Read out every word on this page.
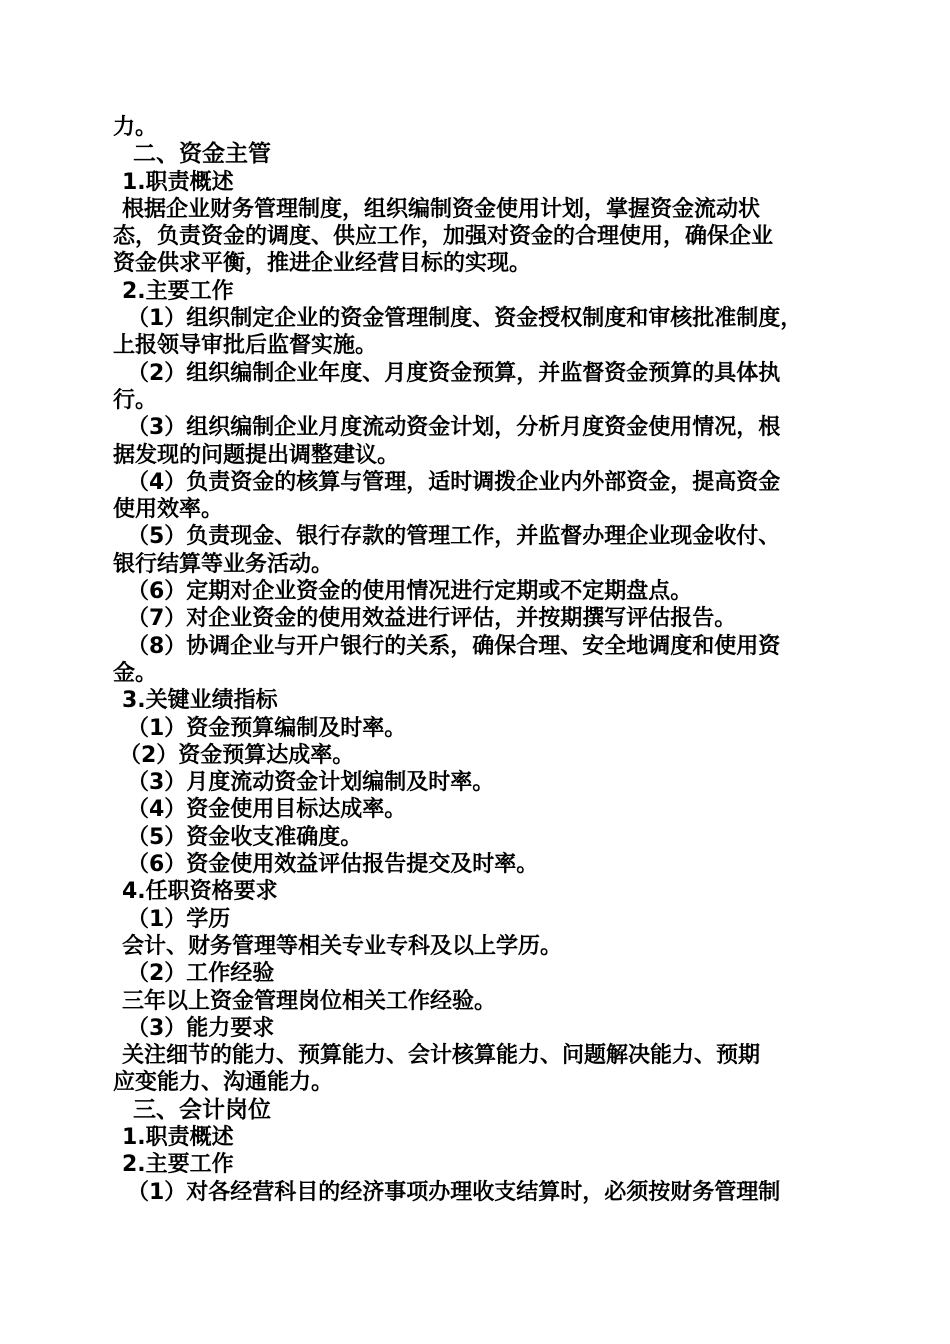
力。
二、资金主管
1.职责概述
根据企业财务管理制度，组织编制资金使用计划，掌握资金流动状
态，负责资金的调度、供应工作，加强对资金的合理使用，确保企业
资金供求平衡，推进企业经营目标的实现。
2.主要工作
（1）组织制定企业的资金管理制度、资金授权制度和审核批准制度，
上报领导审批后监督实施。
（2）组织编制企业年度、月度资金预算，并监督资金预算的具体执
行。
（3）组织编制企业月度流动资金计划，分析月度资金使用情况，根
据发现的问题提出调整建议。
（4）负责资金的核算与管理，适时调拨企业内外部资金，提高资金
使用效率。
（5）负责现金、银行存款的管理工作，并监督办理企业现金收付、
银行结算等业务活动。
（6）定期对企业资金的使用情况进行定期或不定期盘点。
（7）对企业资金的使用效益进行评估，并按期撰写评估报告。
（8）协调企业与开户银行的关系，确保合理、安全地调度和使用资
金。
3.关键业绩指标
（1）资金预算编制及时率。
（2）资金预算达成率。
（3）月度流动资金计划编制及时率。
（4）资金使用目标达成率。
（5）资金收支准确度。
（6）资金使用效益评估报告提交及时率。
4.任职资格要求
（1）学历
会计、财务管理等相关专业专科及以上学历。
（2）工作经验
三年以上资金管理岗位相关工作经验。
（3）能力要求
关注细节的能力、预算能力、会计核算能力、问题解决能力、预期
应变能力、沟通能力。
三、会计岗位
1.职责概述
2.主要工作
（1）对各经营科目的经济事项办理收支结算时，必须按财务管理制
